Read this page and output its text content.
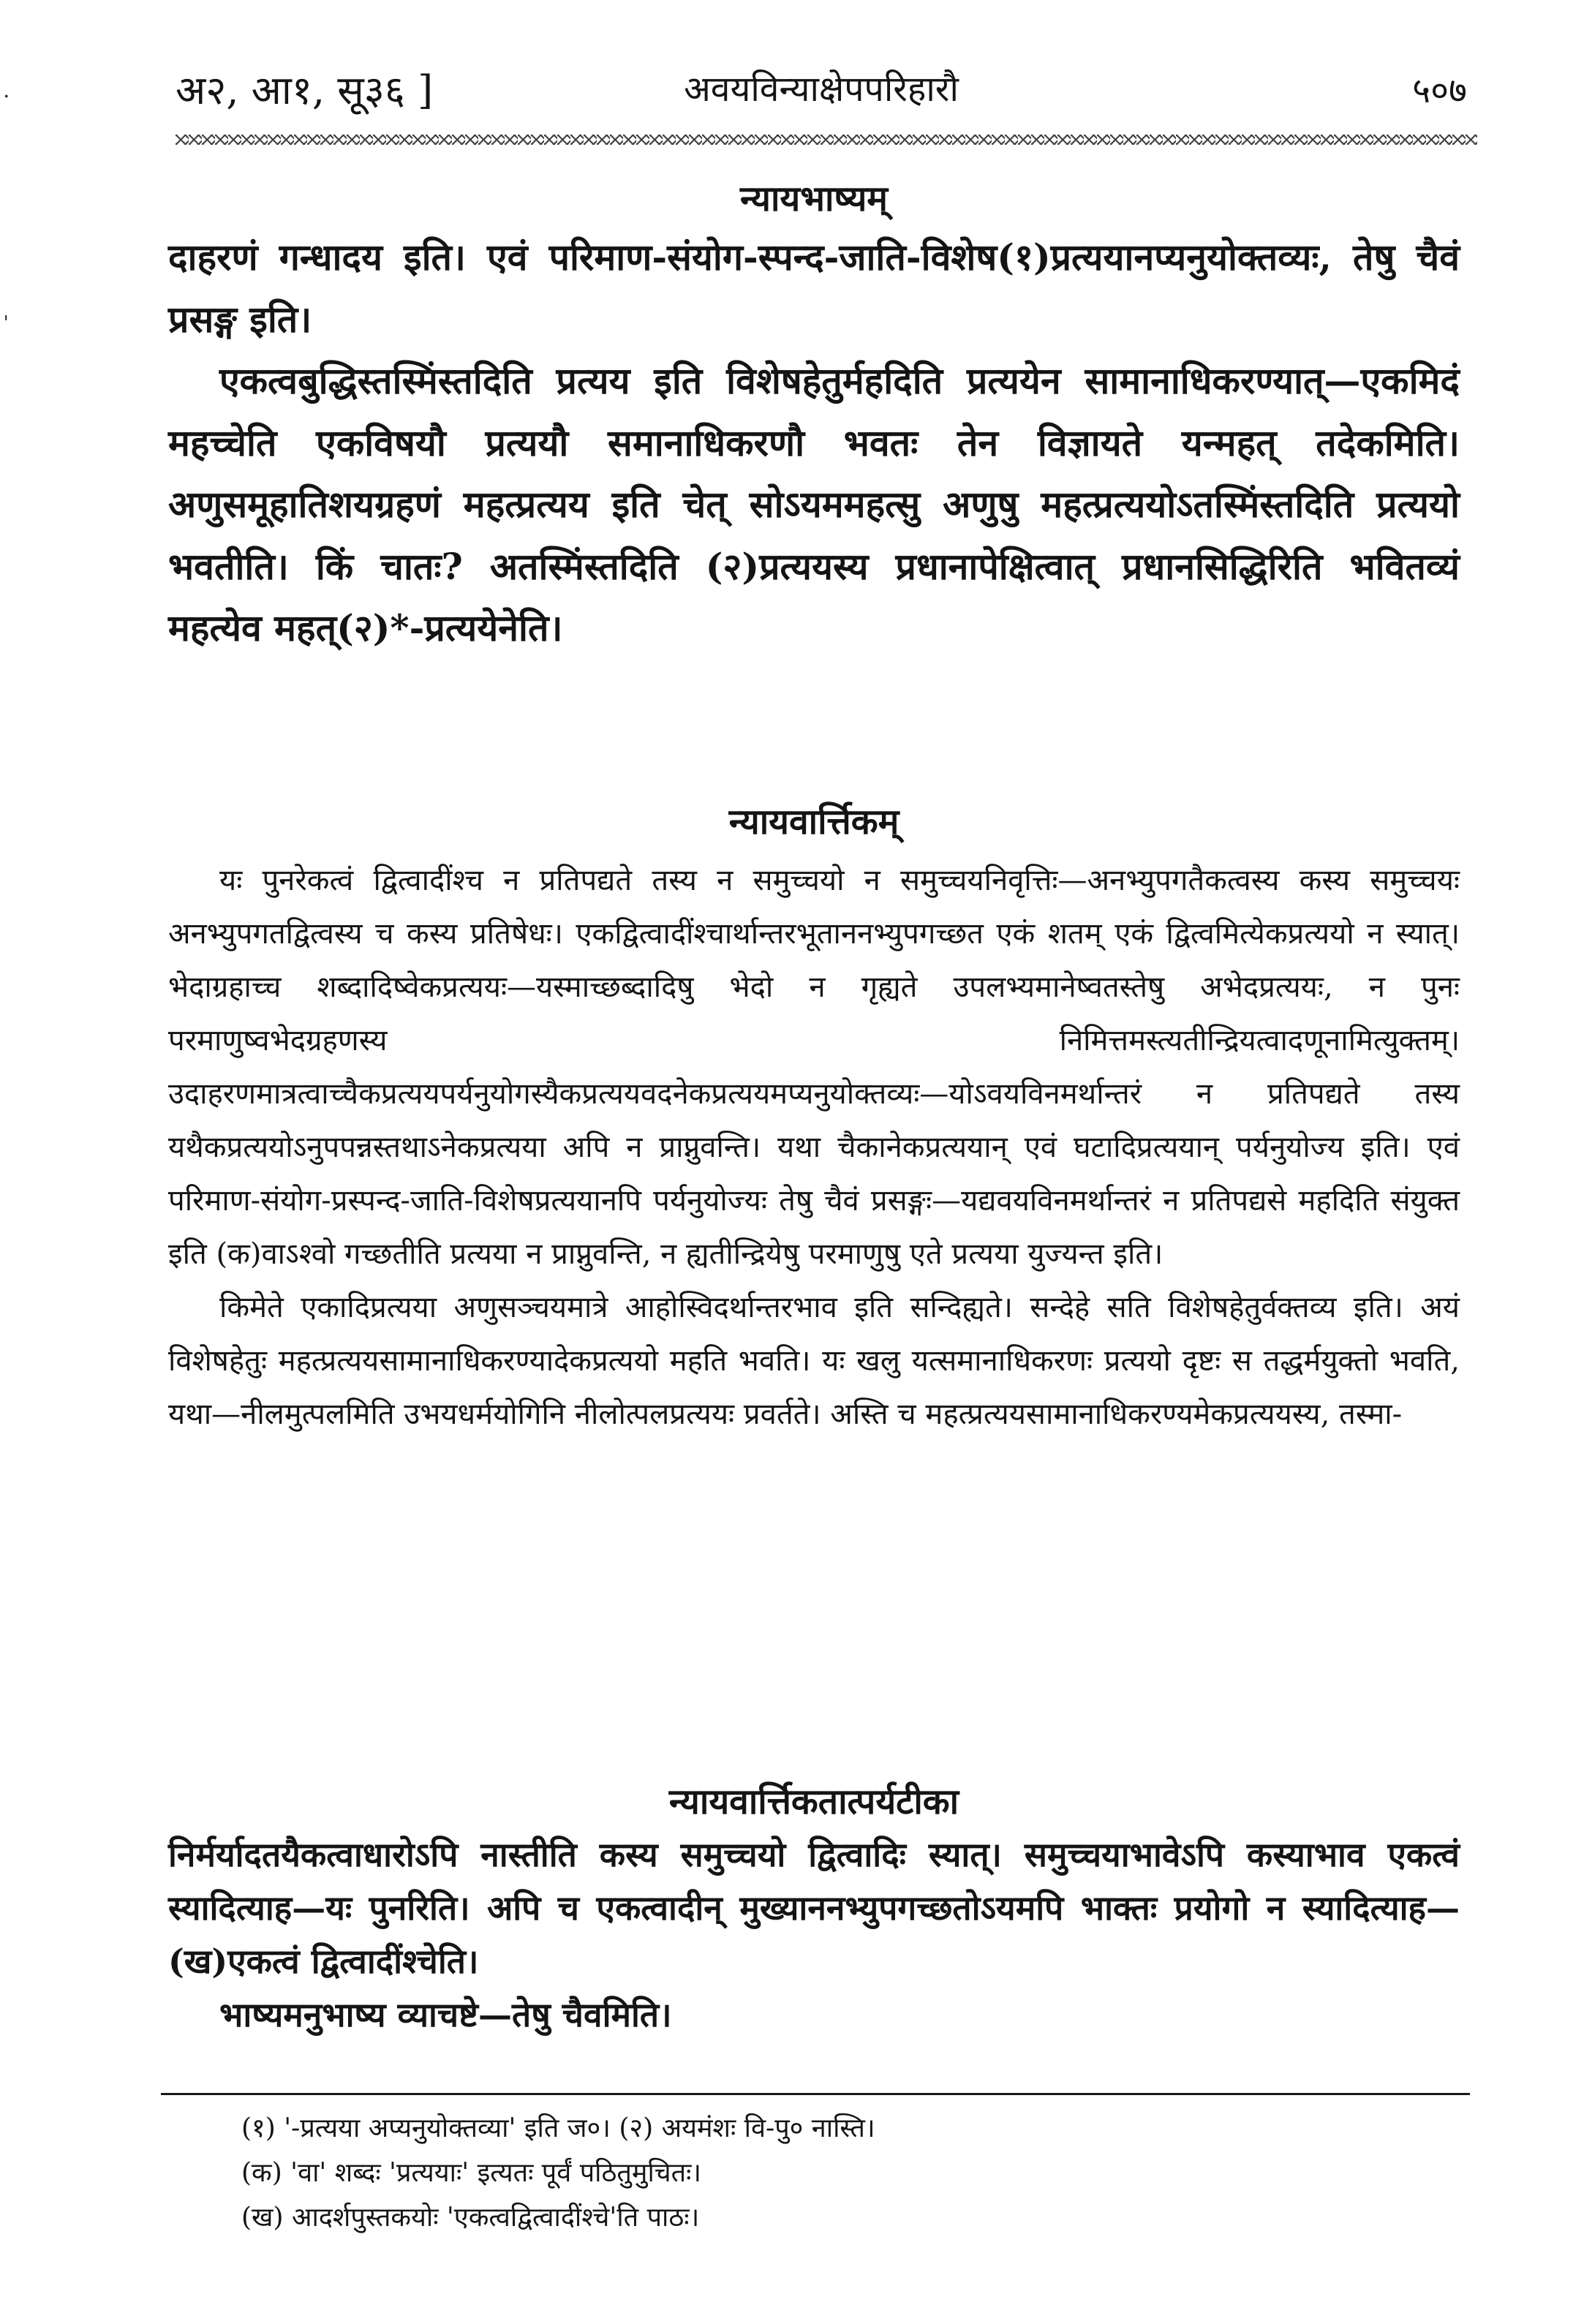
·
ˈ
अ२, आ१, सू३६ ]	अवयविन्याक्षेपपरिहारौ	५०७
न्यायभाष्यम्

दाहरणं गन्धादय इति। एवं परिमाण-संयोग-स्पन्द-जाति-विशेष(१)प्रत्ययानप्यनुयोक्तव्यः, तेषु चैवं प्रसङ्ग इति।

एकत्वबुद्धिस्तस्मिंस्तदिति प्रत्यय इति विशेषहेतुर्महदिति प्रत्ययेन सामानाधिकरण्यात्—एकमिदं महच्चेति एकविषयौ प्रत्ययौ समानाधिकरणौ भवतः तेन विज्ञायते यन्महत् तदेकमिति। अणुसमूहातिशयग्रहणं महत्प्रत्यय इति चेत् सोऽयममहत्सु अणुषु महत्प्रत्ययोऽतस्मिंस्तदिति प्रत्ययो भवतीति। किं चातः? अतस्मिंस्तदिति (२)प्रत्ययस्य प्रधानापेक्षित्वात् प्रधानसिद्धिरिति भवितव्यं महत्येव महत्(२)*-प्रत्ययेनेति।

न्यायवार्त्तिकम्

यः पुनरेकत्वं द्वित्वादींश्च न प्रतिपद्यते तस्य न समुच्चयो न समुच्चयनिवृत्तिः—अनभ्युपगतैकत्वस्य कस्य समुच्चयः अनभ्युपगतद्वित्वस्य च कस्य प्रतिषेधः। एकद्वित्वादींश्चार्थान्तरभूताननभ्युपगच्छत एकं शतम् एकं द्वित्वमित्येकप्रत्ययो न स्यात्। भेदाग्रहाच्च शब्दादिष्वेकप्रत्ययः—यस्माच्छब्दादिषु भेदो न गृह्यते उपलभ्यमानेष्वतस्तेषु अभेदप्रत्ययः, न पुनः परमाणुष्वभेदग्रहणस्य निमित्तमस्त्यतीन्द्रियत्वादणूनामित्युक्तम्। उदाहरणमात्रत्वाच्चैकप्रत्ययपर्यनुयोगस्यैकप्रत्ययवदनेकप्रत्ययमप्यनुयोक्तव्यः—योऽवयविनमर्थान्तरं न प्रतिपद्यते तस्य यथैकप्रत्ययोऽनुपपन्नस्तथाऽनेकप्रत्यया अपि न प्राप्नुवन्ति। यथा चैकानेकप्रत्ययान् एवं घटादिप्रत्ययान् पर्यनुयोज्य इति। एवं परिमाण-संयोग-प्रस्पन्द-जाति-विशेषप्रत्ययानपि पर्यनुयोज्यः तेषु चैवं प्रसङ्गः—यद्यवयविनमर्थान्तरं न प्रतिपद्यसे महदिति संयुक्त इति (क)वाऽश्वो गच्छतीति प्रत्यया न प्राप्नुवन्ति, न ह्यतीन्द्रियेषु परमाणुषु एते प्रत्यया युज्यन्त इति।

किमेते एकादिप्रत्यया अणुसञ्चयमात्रे आहोस्विदर्थान्तरभाव इति सन्दिह्यते। सन्देहे सति विशेषहेतुर्वक्तव्य इति। अयं विशेषहेतुः महत्प्रत्ययसामानाधिकरण्यादेकप्रत्ययो महति भवति। यः खलु यत्समानाधिकरणः प्रत्ययो दृष्टः स तद्धर्मयुक्तो भवति, यथा—नीलमुत्पलमिति उभयधर्मयोगिनि नीलोत्पलप्रत्ययः प्रवर्तते। अस्ति च महत्प्रत्ययसामानाधिकरण्यमेकप्रत्ययस्य, तस्मा-

न्यायवार्त्तिकतात्पर्यटीका

निर्मर्यादतयैकत्वाधारोऽपि नास्तीति कस्य समुच्चयो द्वित्वादिः स्यात्। समुच्चयाभावेऽपि कस्याभाव एकत्वं स्यादित्याह—यः पुनरिति। अपि च एकत्वादीन् मुख्याननभ्युपगच्छतोऽयमपि भाक्तः प्रयोगो न स्यादित्याह—(ख)एकत्वं द्वित्वादींश्चेति।

भाष्यमनुभाष्य व्याचष्टे—तेषु चैवमिति।

(१) '-प्रत्यया अप्यनुयोक्तव्या' इति ज०। (२) अयमंशः वि-पु० नास्ति।
(क) 'वा' शब्दः 'प्रत्ययाः' इत्यतः पूर्वं पठितुमुचितः।
(ख) आदर्शपुस्तकयोः 'एकत्वद्वित्वादींश्चे'ति पाठः।
